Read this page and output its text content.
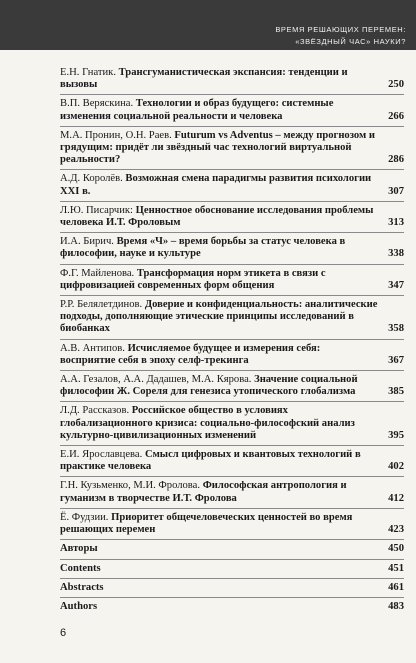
ВРЕМЯ РЕШАЮЩИХ ПЕРЕМЕН:
«ЗВЁЗДНЫЙ ЧАС» НАУКИ?
Е.Н. Гнатик. Трансгуманистическая экспансия: тенденции и вызовы	250
В.П. Веряскина. Технологии и образ будущего: системные изменения социальной реальности и человека	266
М.А. Пронин, О.Н. Раев. Futurum vs Adventus – между прогнозом и грядущим: придёт ли звёздный час технологий виртуальной реальности?	286
А.Д. Королёв. Возможная смена парадигмы развития психологии XXI в.	307
Л.Ю. Писарчик: Ценностное обоснование исследования проблемы человека И.Т. Фроловым	313
И.А. Бирич. Время «Ч» – время борьбы за статус человека в философии, науке и культуре	338
Ф.Г. Майленова. Трансформация норм этикета в связи с цифровизацией современных форм общения	347
Р.Р. Белялетдинов. Доверие и конфиденциальность: аналитические подходы, дополняющие этические принципы исследований в биобанках	358
А.В. Антипов. Исчисляемое будущее и измерения себя: восприятие себя в эпоху селф-трекинга	367
А.А. Гезалов, А.А. Дадашев, М.А. Кярова. Значение социальной философии Ж. Сореля для генезиса утопического глобализма	385
Л.Д. Рассказов. Российское общество в условиях глобализационного кризиса: социально-философский анализ культурно-цивилизационных изменений	395
Е.И. Ярославцева. Смысл цифровых и квантовых технологий в практике человека	402
Г.Н. Кузьменко, М.И. Фролова. Философская антропология и гуманизм в творчестве И.Т. Фролова	412
Ё. Фудзии. Приоритет общечеловеческих ценностей во время решающих перемен	423
Авторы	450
Contents	451
Abstracts	461
Authors	483
6
